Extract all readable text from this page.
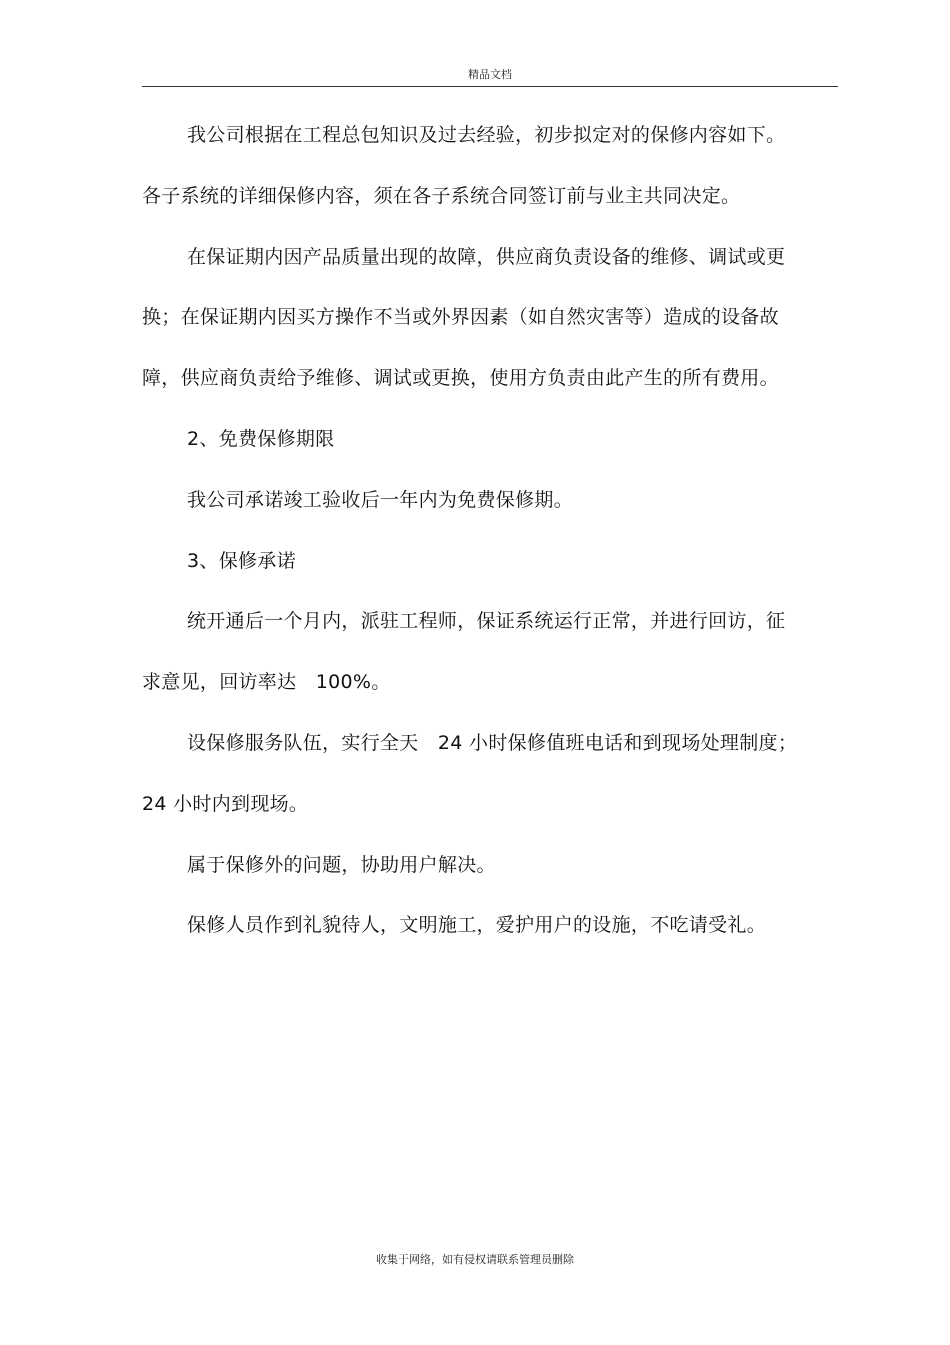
精品文档

我公司根据在工程总包知识及过去经验，初步拟定对的保修内容如下。各子系统的详细保修内容，须在各子系统合同签订前与业主共同决定。

在保证期内因产品质量出现的故障，供应商负责设备的维修、调试或更换；在保证期内因买方操作不当或外界因素（如自然灾害等）造成的设备故障，供应商负责给予维修、调试或更换，使用方负责由此产生的所有费用。

2、免费保修期限

我公司承诺竣工验收后一年内为免费保修期。

3、保修承诺

统开通后一个月内，派驻工程师，保证系统运行正常，并进行回访，征求意见，回访率达　100%。

设保修服务队伍，实行全天　24 小时保修值班电话和到现场处理制度；24 小时内到现场。

属于保修外的问题，协助用户解决。

保修人员作到礼貌待人，文明施工，爱护用户的设施，不吃请受礼。

收集于网络，如有侵权请联系管理员删除
